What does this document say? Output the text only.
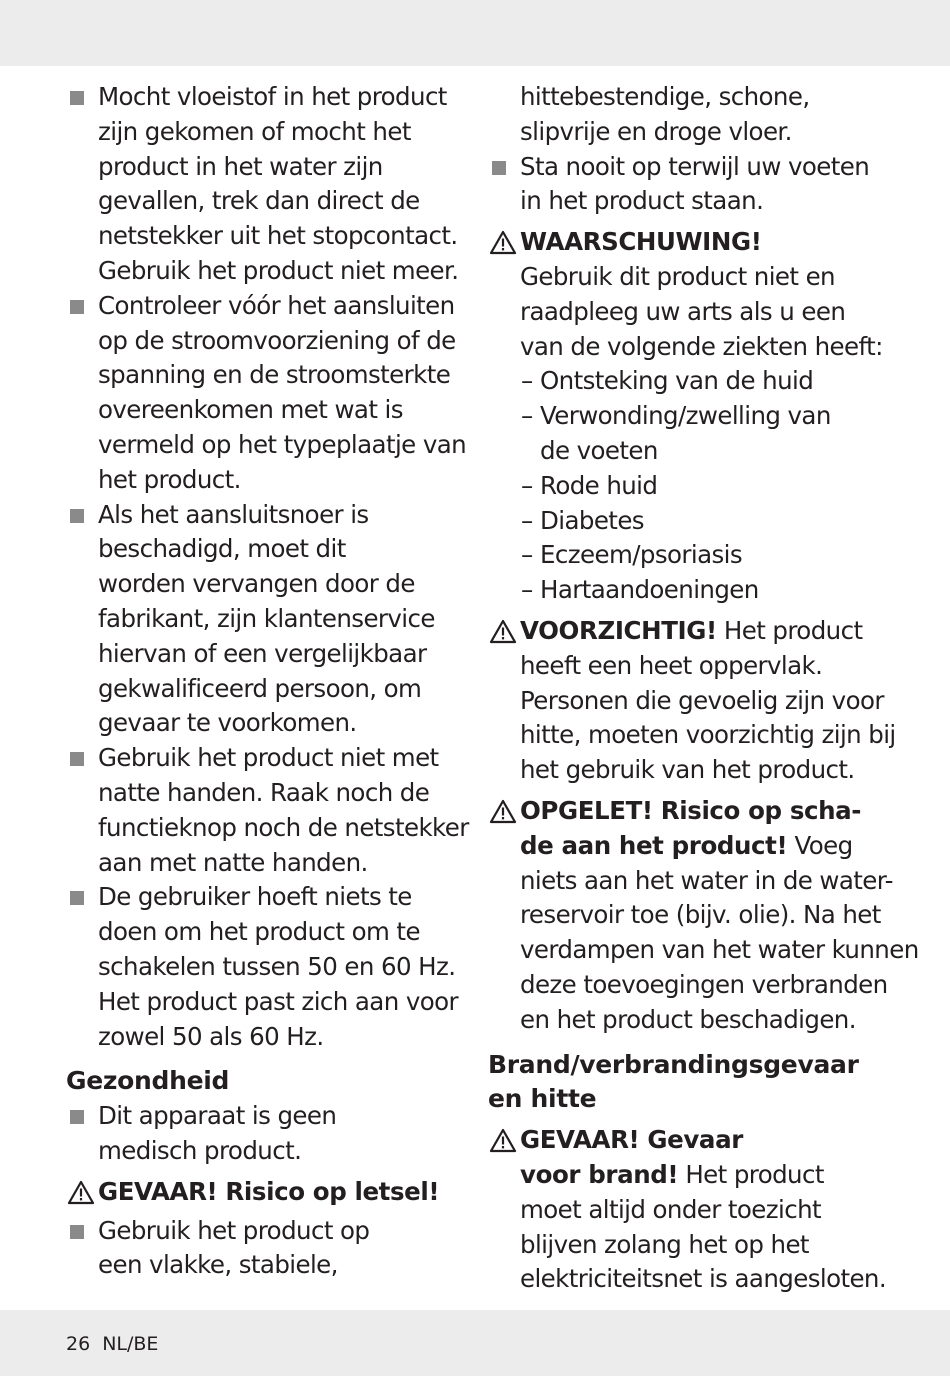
Mocht vloeistof in het product
zijn gekomen of mocht het
product in het water zijn
gevallen, trek dan direct de
netstekker uit het stopcontact.
Gebruik het product niet meer.
Controleer vóór het aansluiten
op de stroomvoorziening of de
spanning en de stroomsterkte
overeenkomen met wat is
vermeld op het typeplaatje van
het product.
Als het aansluitsnoer is
beschadigd, moet dit
worden vervangen door de
fabrikant, zijn klantenservice
hiervan of een vergelijkbaar
gekwalificeerd persoon, om
gevaar te voorkomen.
Gebruik het product niet met
natte handen. Raak noch de
functieknop noch de netstekker
aan met natte handen.
De gebruiker hoeft niets te
doen om het product om te
schakelen tussen 50 en 60 Hz.
Het product past zich aan voor
zowel 50 als 60 Hz.
Gezondheid
Dit apparaat is geen
medisch product.
GEVAAR! Risico op letsel!
Gebruik het product op
een vlakke, stabiele,
hittebestendige, schone,
slipvrije en droge vloer.
Sta nooit op terwijl uw voeten
in het product staan.
WAARSCHUWING!
Gebruik dit product niet en
raadpleeg uw arts als u een
van de volgende ziekten heeft:
– Ontsteking van de huid
– Verwonding/zwelling van
de voeten
– Rode huid
– Diabetes
– Eczeem/psoriasis
– Hartaandoeningen
VOORZICHTIG! Het product
heeft een heet oppervlak.
Personen die gevoelig zijn voor
hitte, moeten voorzichtig zijn bij
het gebruik van het product.
OPGELET! Risico op scha-
de aan het product! Voeg
niets aan het water in de water-
reservoir toe (bijv. olie). Na het
verdampen van het water kunnen
deze toevoegingen verbranden
en het product beschadigen.
Brand/verbrandingsgevaar
en hitte
GEVAAR! Gevaar
voor brand! Het product
moet altijd onder toezicht
blijven zolang het op het
elektriciteitsnet is aangesloten.
26 NL/BE
